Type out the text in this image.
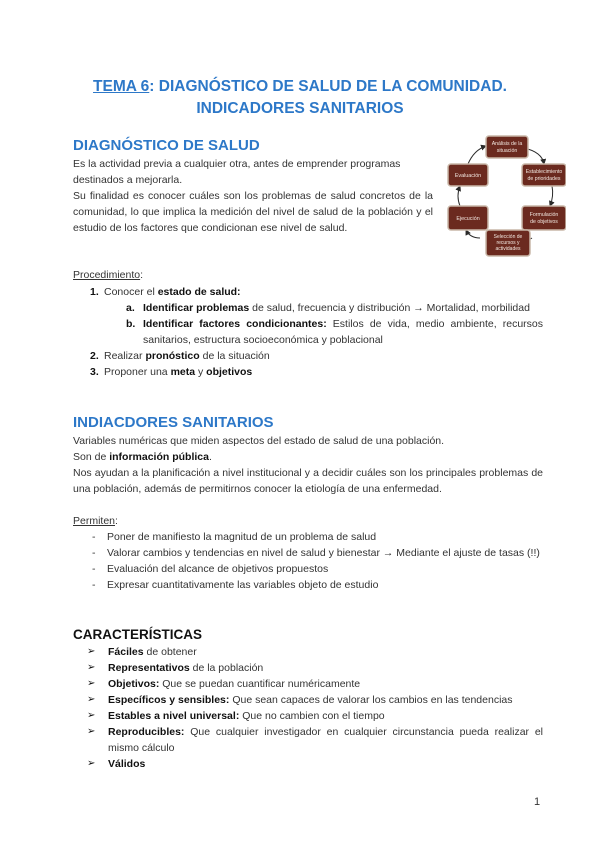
TEMA 6: DIAGNÓSTICO DE SALUD DE LA COMUNIDAD.
INDICADORES SANITARIOS
DIAGNÓSTICO DE SALUD
Es la actividad previa a cualquier otra, antes de emprender programas destinados a mejorarla.
Su finalidad es conocer cuáles son los problemas de salud concretos de la comunidad, lo que implica la medición del nivel de salud de la población y el estudio de los factores que condicionan ese nivel de salud.
Análisis de la
situación
Establecimiento
de prioridades
Formulación
de objetivos
Selección de
recursos y
actividades
Ejecución
Evaluación
Procedimiento:
1. Conocer el estado de salud:
a. Identificar problemas de salud, frecuencia y distribución → Mortalidad, morbilidad
b. Identificar factores condicionantes: Estilos de vida, medio ambiente, recursos sanitarios, estructura socioeconómica y poblacional
2. Realizar pronóstico de la situación
3. Proponer una meta y objetivos
INDIACDORES SANITARIOS
Variables numéricas que miden aspectos del estado de salud de una población.
Son de información pública.
Nos ayudan a la planificación a nivel institucional y a decidir cuáles son los principales problemas de una población, además de permitirnos conocer la etiología de una enfermedad.
Permiten:
- Poner de manifiesto la magnitud de un problema de salud
- Valorar cambios y tendencias en nivel de salud y bienestar → Mediante el ajuste de tasas (!!)
- Evaluación del alcance de objetivos propuestos
- Expresar cuantitativamente las variables objeto de estudio
CARACTERÍSTICAS
➢ Fáciles de obtener
➢ Representativos de la población
➢ Objetivos: Que se puedan cuantificar numéricamente
➢ Específicos y sensibles: Que sean capaces de valorar los cambios en las tendencias
➢ Estables a nivel universal: Que no cambien con el tiempo
➢ Reproducibles: Que cualquier investigador en cualquier circunstancia pueda realizar el mismo cálculo
➢ Válidos
1
